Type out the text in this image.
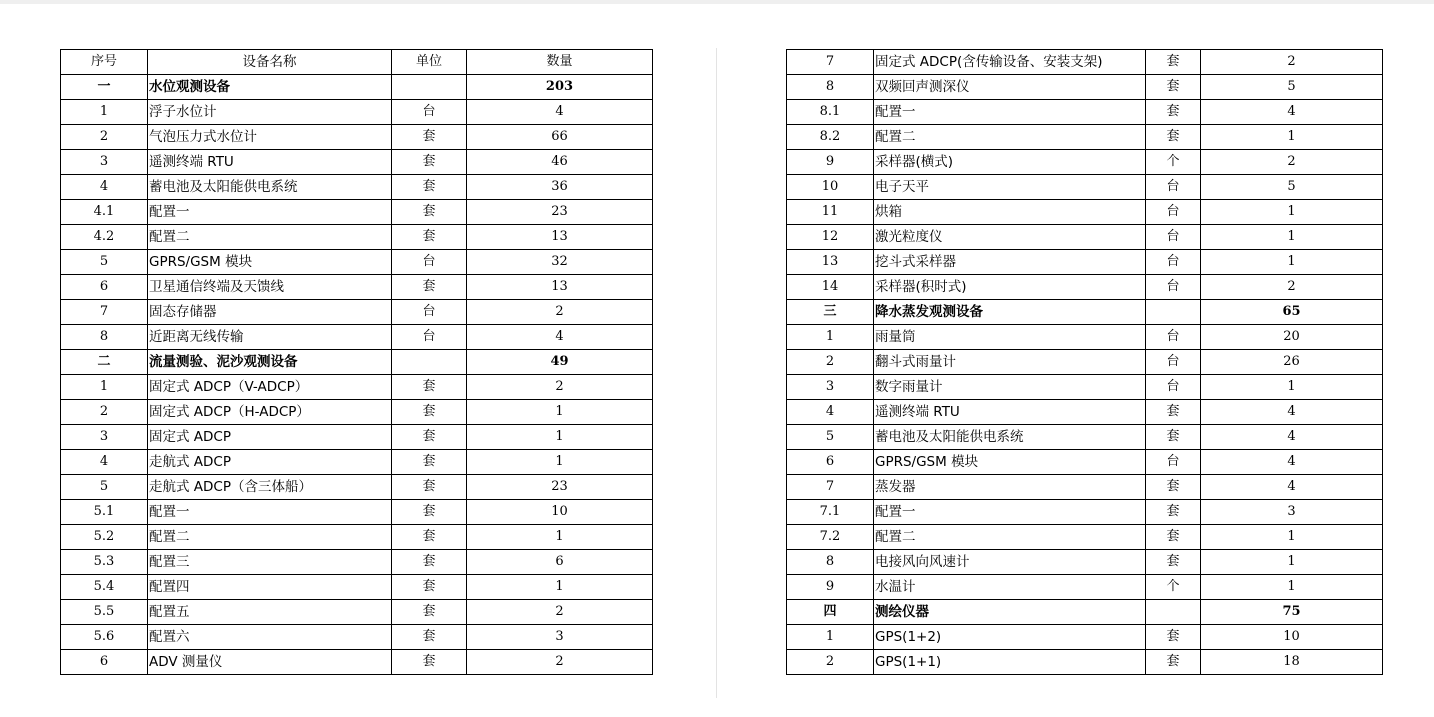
序号	设备名称	单位	数量
一	水位观测设备		203
1	浮子水位计	台	4
2	气泡压力式水位计	套	66
3	遥测终端 RTU	套	46
4	蓄电池及太阳能供电系统	套	36
4.1	配置一	套	23
4.2	配置二	套	13
5	GPRS/GSM 模块	台	32
6	卫星通信终端及天馈线	套	13
7	固态存储器	台	2
8	近距离无线传输	台	4
二	流量测验、泥沙观测设备		49
1	固定式 ADCP（V-ADCP）	套	2
2	固定式 ADCP（H-ADCP）	套	1
3	固定式 ADCP	套	1
4	走航式 ADCP	套	1
5	走航式 ADCP（含三体船）	套	23
5.1	配置一	套	10
5.2	配置二	套	1
5.3	配置三	套	6
5.4	配置四	套	1
5.5	配置五	套	2
5.6	配置六	套	3
6	ADV 测量仪	套	2
7	固定式 ADCP(含传输设备、安装支架)	套	2
8	双频回声测深仪	套	5
8.1	配置一	套	4
8.2	配置二	套	1
9	采样器(横式)	个	2
10	电子天平	台	5
11	烘箱	台	1
12	激光粒度仪	台	1
13	挖斗式采样器	台	1
14	采样器(积时式)	台	2
三	降水蒸发观测设备		65
1	雨量筒	台	20
2	翻斗式雨量计	台	26
3	数字雨量计	台	1
4	遥测终端 RTU	套	4
5	蓄电池及太阳能供电系统	套	4
6	GPRS/GSM 模块	台	4
7	蒸发器	套	4
7.1	配置一	套	3
7.2	配置二	套	1
8	电接风向风速计	套	1
9	水温计	个	1
四	测绘仪器		75
1	GPS(1+2)	套	10
2	GPS(1+1)	套	18
